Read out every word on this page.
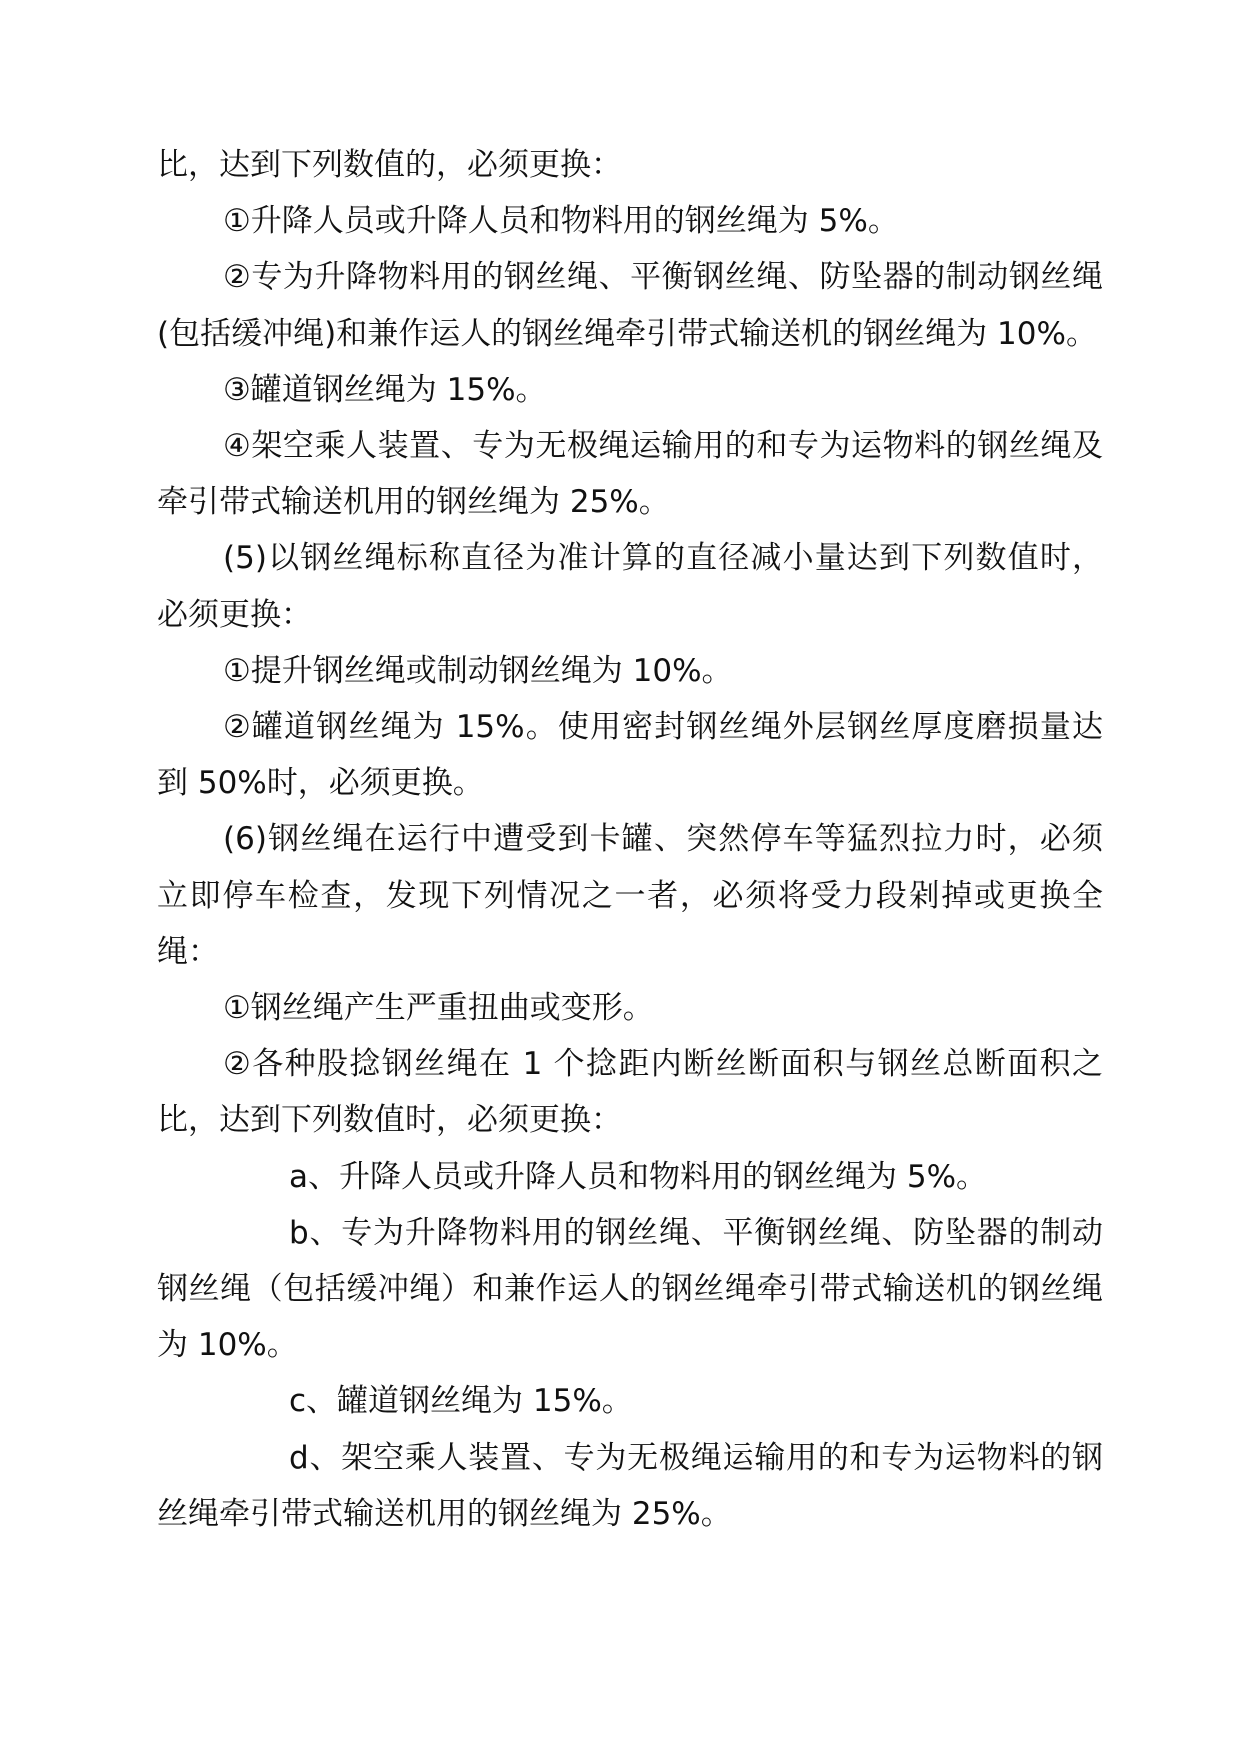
比，达到下列数值的，必须更换：

①升降人员或升降人员和物料用的钢丝绳为 5%。

②专为升降物料用的钢丝绳、平衡钢丝绳、防坠器的制动钢丝绳(包括缓冲绳)和兼作运人的钢丝绳牵引带式输送机的钢丝绳为 10%。

③罐道钢丝绳为 15%。

④架空乘人装置、专为无极绳运输用的和专为运物料的钢丝绳及牵引带式输送机用的钢丝绳为 25%。

(5)以钢丝绳标称直径为准计算的直径减小量达到下列数值时，必须更换：

①提升钢丝绳或制动钢丝绳为 10%。

②罐道钢丝绳为 15%。使用密封钢丝绳外层钢丝厚度磨损量达到 50%时，必须更换。

(6)钢丝绳在运行中遭受到卡罐、突然停车等猛烈拉力时，必须立即停车检查，发现下列情况之一者，必须将受力段剁掉或更换全绳：

①钢丝绳产生严重扭曲或变形。

②各种股捻钢丝绳在 1 个捻距内断丝断面积与钢丝总断面积之比，达到下列数值时，必须更换：

a、升降人员或升降人员和物料用的钢丝绳为 5%。

b、专为升降物料用的钢丝绳、平衡钢丝绳、防坠器的制动钢丝绳（包括缓冲绳）和兼作运人的钢丝绳牵引带式输送机的钢丝绳为 10%。

c、罐道钢丝绳为 15%。

d、架空乘人装置、专为无极绳运输用的和专为运物料的钢丝绳牵引带式输送机用的钢丝绳为 25%。
